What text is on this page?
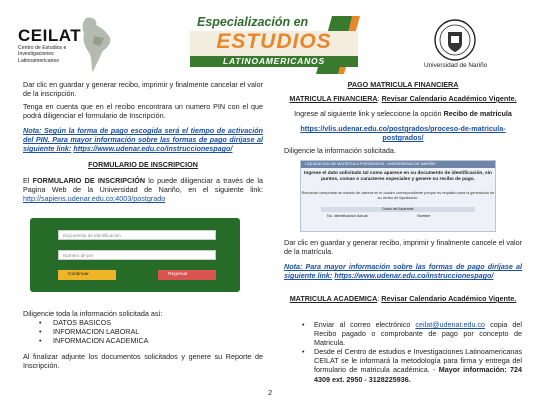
CEILAT
Centro de Estudios e Investigaciones Latinoamericanos
Especialización en
ESTUDIOS
LATINOAMERICANOS	Universidad de Nariño

Dar clic en guardar y generar recibo, imprimir y finalmente cancelar el valor de la inscripción.

Tenga en cuenta que en el recibo encontrara un numero PIN con el que podrá diligenciar el formulario de Inscripción.

Nota: Según la forma de pago escogida será el tiempo de activación del PIN. Para mayor información sobre las formas de pago dirijase al siguiente link: https://www.udenar.edu.co/instruccionespago/

FORMULARIO DE INSCRIPCION

El FORMULARIO DE INSCRIPCIÓN lo puede diligenciar a través de la Pagina Web de la Universidad de Nariño, en el siguiente link: http://sapiens.udenar.edu.co:4003/postgrado

Documento de identificación
Número de pin
Continuar	Regresar

Diligencie toda la información solicitada así:

• DATOS BASICOS
• INFORMACION LABORAL
• INFORMACION ACADEMICA

Al finalizar adjunte los documentos solicitados y genere su Reporte de Inscripción.

PAGO MATRICULA FINANCIERA

MATRICULA FINANCIERA: Revisar Calendario Académico Vigente.

Ingrese al siguiente link y seleccione la opción Recibo de matricula

https://vlis.udenar.edu.co/postgrados/proceso-de-matricula-postgrados/

Diligencie la información solicitada.

LIQUIDACION DE MATRICULA POSGRADOS - UNIVERSIDAD DE NARIÑO
Ingrese el dato solicitado tal como aparece en su documento de identificación, sin puntos, comas o caracteres especiales y genere su recibo de pago.
Recuerde comprobar su estado de cartera en el cuadro correspondiente porque es requisito para la generación de su recibo de liquidación.
Datos del Aspirante
No. Identificación Actual	Nombre

Dar clic en guardar y generar recibo, imprimir y finalmente cancele el valor de la matrícula.

Nota: Para mayor información sobre las formas de pago diríjase al siguiente link: https://www.udenar.edu.co/instruccionespago/

MATRICULA ACADEMICA: Revisar Calendario Académico Vigente.

• Enviar al correo electrónico ceilat@udenar.edu.co copia del Recibo pagado o comprobante de pago por concepto de Matricula.
• Desde el Centro de estudios e Investigaciones Latinoamericanas CEILAT se le informará la metodología para firma y entrega del formulario de matricula académica. - Mayor información: 724 4309 ext. 2950 - 3128225936.
2
